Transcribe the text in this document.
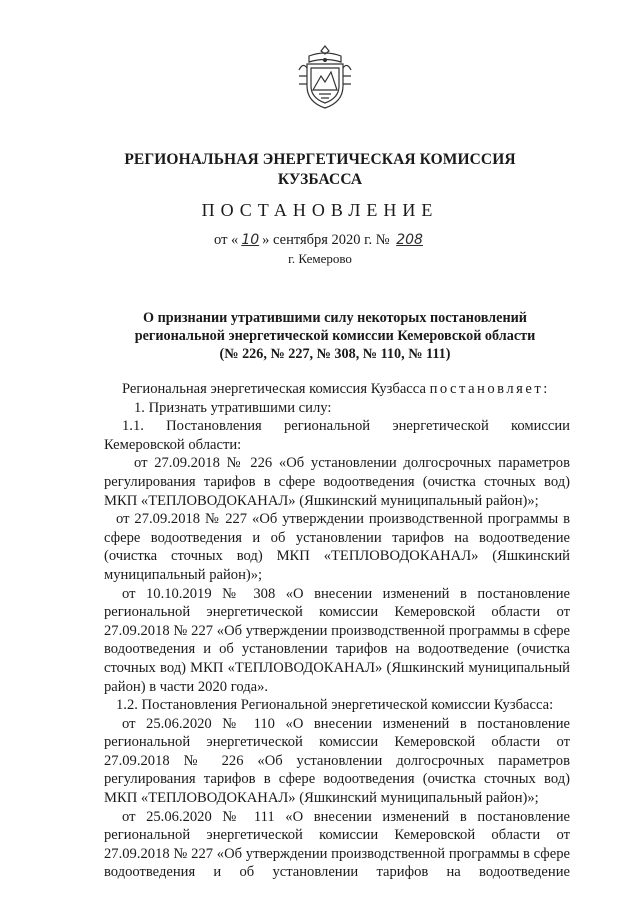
РЕГИОНАЛЬНАЯ ЭНЕРГЕТИЧЕСКАЯ КОМИССИЯ
КУЗБАССА
ПОСТАНОВЛЕНИЕ
от « 10 » сентября 2020 г. № 208
г. Кемерово
О признании утратившими силу некоторых постановлений
региональной энергетической комиссии Кемеровской области
(№ 226, № 227, № 308, № 110, № 111)

Региональная энергетическая комиссия Кузбасса постановляет:

1. Признать утратившими силу:

1.1. Постановления региональной энергетической комиссии Кемеровской области:

от 27.09.2018 № 226 «Об установлении долгосрочных параметров регулирования тарифов в сфере водоотведения (очистка сточных вод) МКП «ТЕПЛОВОДОКАНАЛ» (Яшкинский муниципальный район)»;

от 27.09.2018 № 227 «Об утверждении производственной программы в сфере водоотведения и об установлении тарифов на водоотведение (очистка сточных вод) МКП «ТЕПЛОВОДОКАНАЛ» (Яшкинский муниципальный район)»;

от 10.10.2019 № 308 «О внесении изменений в постановление региональной энергетической комиссии Кемеровской области от 27.09.2018 № 227 «Об утверждении производственной программы в сфере водоотведения и об установлении тарифов на водоотведение (очистка сточных вод) МКП «ТЕПЛОВОДОКАНАЛ» (Яшкинский муниципальный район) в части 2020 года».

1.2. Постановления Региональной энергетической комиссии Кузбасса:

от 25.06.2020 № 110 «О внесении изменений в постановление региональной энергетической комиссии Кемеровской области от 27.09.2018 № 226 «Об установлении долгосрочных параметров регулирования тарифов в сфере водоотведения (очистка сточных вод) МКП «ТЕПЛОВОДОКАНАЛ» (Яшкинский муниципальный район)»;

от 25.06.2020 № 111 «О внесении изменений в постановление региональной энергетической комиссии Кемеровской области от 27.09.2018 № 227 «Об утверждении производственной программы в сфере водоотведения и об установлении тарифов на водоотведение
